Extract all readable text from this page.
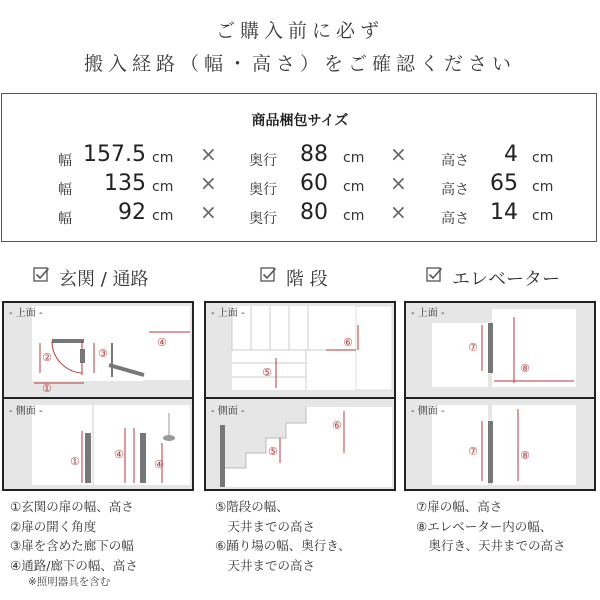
ご購入前に必ず
搬入経路（幅・高さ）をご確認ください
商品梱包サイズ
幅 157.5 cm × 奥行	88 cm × 高さ	4 cm
幅	135 cm × 奥行	60 cm × 高さ 65 cm
幅	92 cm × 奥行	80 cm × 高さ 14 cm
玄関 / 通路	階 段	エレベーター
- 上面 -
- 側面 -
②
①
③
④
①
④
④
- 上面 -
- 側面 -
⑤
⑥
⑤
⑥
- 上面 -
- 側面 -
⑦
⑧
⑦	⑧
①玄関の扉の幅、高さ
②扉の開く角度
③扉を含めた廊下の幅
④通路/廊下の幅、高さ
※照明器具を含む
⑤階段の幅、
　天井までの高さ
⑥踊り場の幅、奥行き、
　天井までの高さ
⑦扉の幅、高さ
⑧エレベーター内の幅、
　奥行き、天井までの高さ
